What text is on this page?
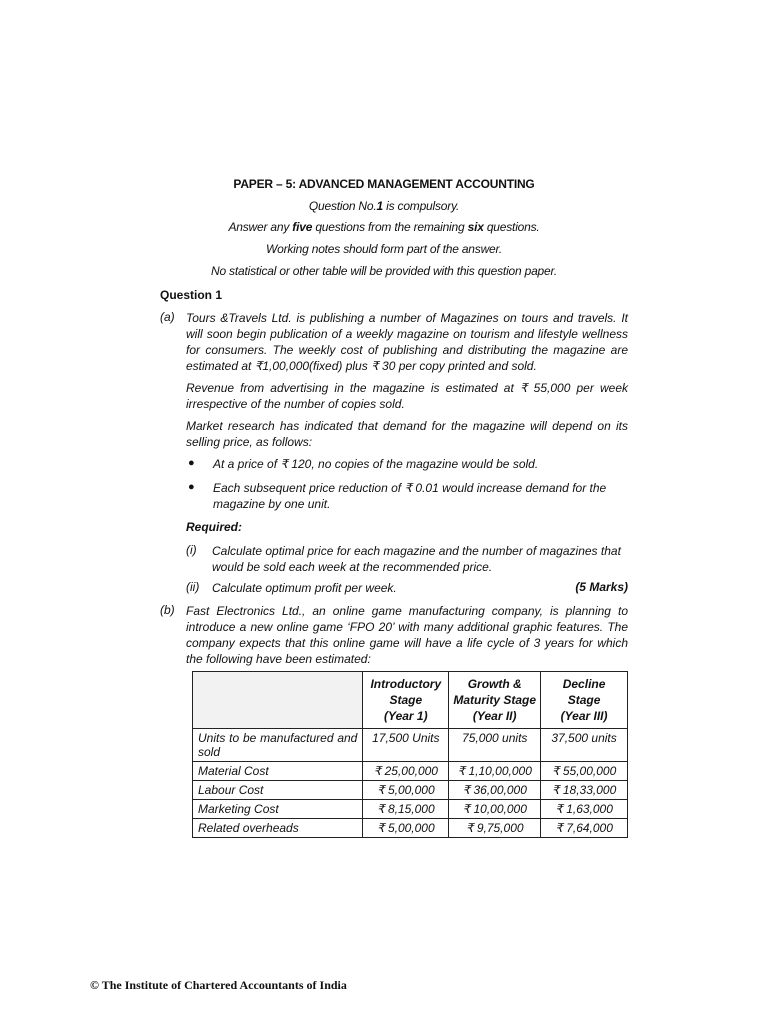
PAPER – 5: ADVANCED MANAGEMENT ACCOUNTING
Question No.1 is compulsory.
Answer any five questions from the remaining six questions.
Working notes should form part of the answer.
No statistical or other table will be provided with this question paper.
Question 1
(a) Tours &Travels Ltd. is publishing a number of Magazines on tours and travels. It will soon begin publication of a weekly magazine on tourism and lifestyle wellness for consumers. The weekly cost of publishing and distributing the magazine are estimated at ₹1,00,000(fixed) plus ₹ 30 per copy printed and sold.
Revenue from advertising in the magazine is estimated at ₹ 55,000 per week irrespective of the number of copies sold.
Market research has indicated that demand for the magazine will depend on its selling price, as follows:
● At a price of ₹ 120, no copies of the magazine would be sold.
● Each subsequent price reduction of ₹ 0.01 would increase demand for the magazine by one unit.
Required:
(i) Calculate optimal price for each magazine and the number of magazines that would be sold each week at the recommended price.
(ii) Calculate optimum profit per week.	(5 Marks)
(b) Fast Electronics Ltd., an online game manufacturing company, is planning to introduce a new online game ‘FPO 20’ with many additional graphic features. The company expects that this online game will have a life cycle of 3 years for which the following have been estimated:
	Introductory
Stage
(Year 1)	Growth &
Maturity Stage
(Year II)	Decline
Stage
(Year III)
Units to be manufactured and sold	17,500 Units	75,000 units	37,500 units
Material Cost	₹ 25,00,000	₹ 1,10,00,000	₹ 55,00,000
Labour Cost	₹ 5,00,000	₹ 36,00,000	₹ 18,33,000
Marketing Cost	₹ 8,15,000	₹ 10,00,000	₹ 1,63,000
Related overheads	₹ 5,00,000	₹ 9,75,000	₹ 7,64,000
© The Institute of Chartered Accountants of India
